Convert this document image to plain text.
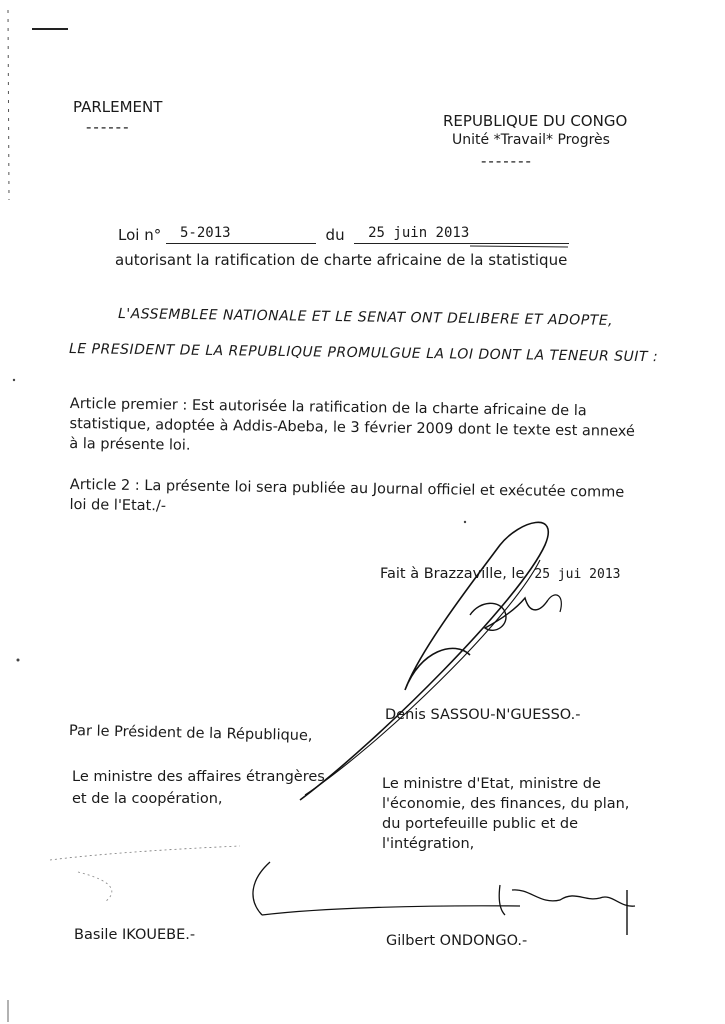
PARLEMENT
------	REPUBLIQUE DU CONGO
Unité *Travail* Progrès
-------
Loi n° 5-2013	du 25 juin 2013
autorisant la ratification de charte africaine de la statistique
L'ASSEMBLEE NATIONALE ET LE SENAT ONT DELIBERE ET ADOPTE,
LE PRESIDENT DE LA REPUBLIQUE PROMULGUE LA LOI DONT LA TENEUR SUIT :
Article premier : Est autorisée la ratification de la charte africaine de la statistique, adoptée à Addis-Abeba, le 3 février 2009 dont le texte est annexé à la présente loi.
Article 2 : La présente loi sera publiée au Journal officiel et exécutée comme loi de l'Etat./-
Fait à Brazzaville, le 25 jui 2013
Denis SASSOU-N'GUESSO.-
Par le Président de la République,
Le ministre des affaires étrangères
et de la coopération,
Le ministre d'Etat, ministre de
l'économie, des finances, du plan,
du portefeuille public et de
l'intégration,
Basile IKOUEBE.-	Gilbert ONDONGO.-
